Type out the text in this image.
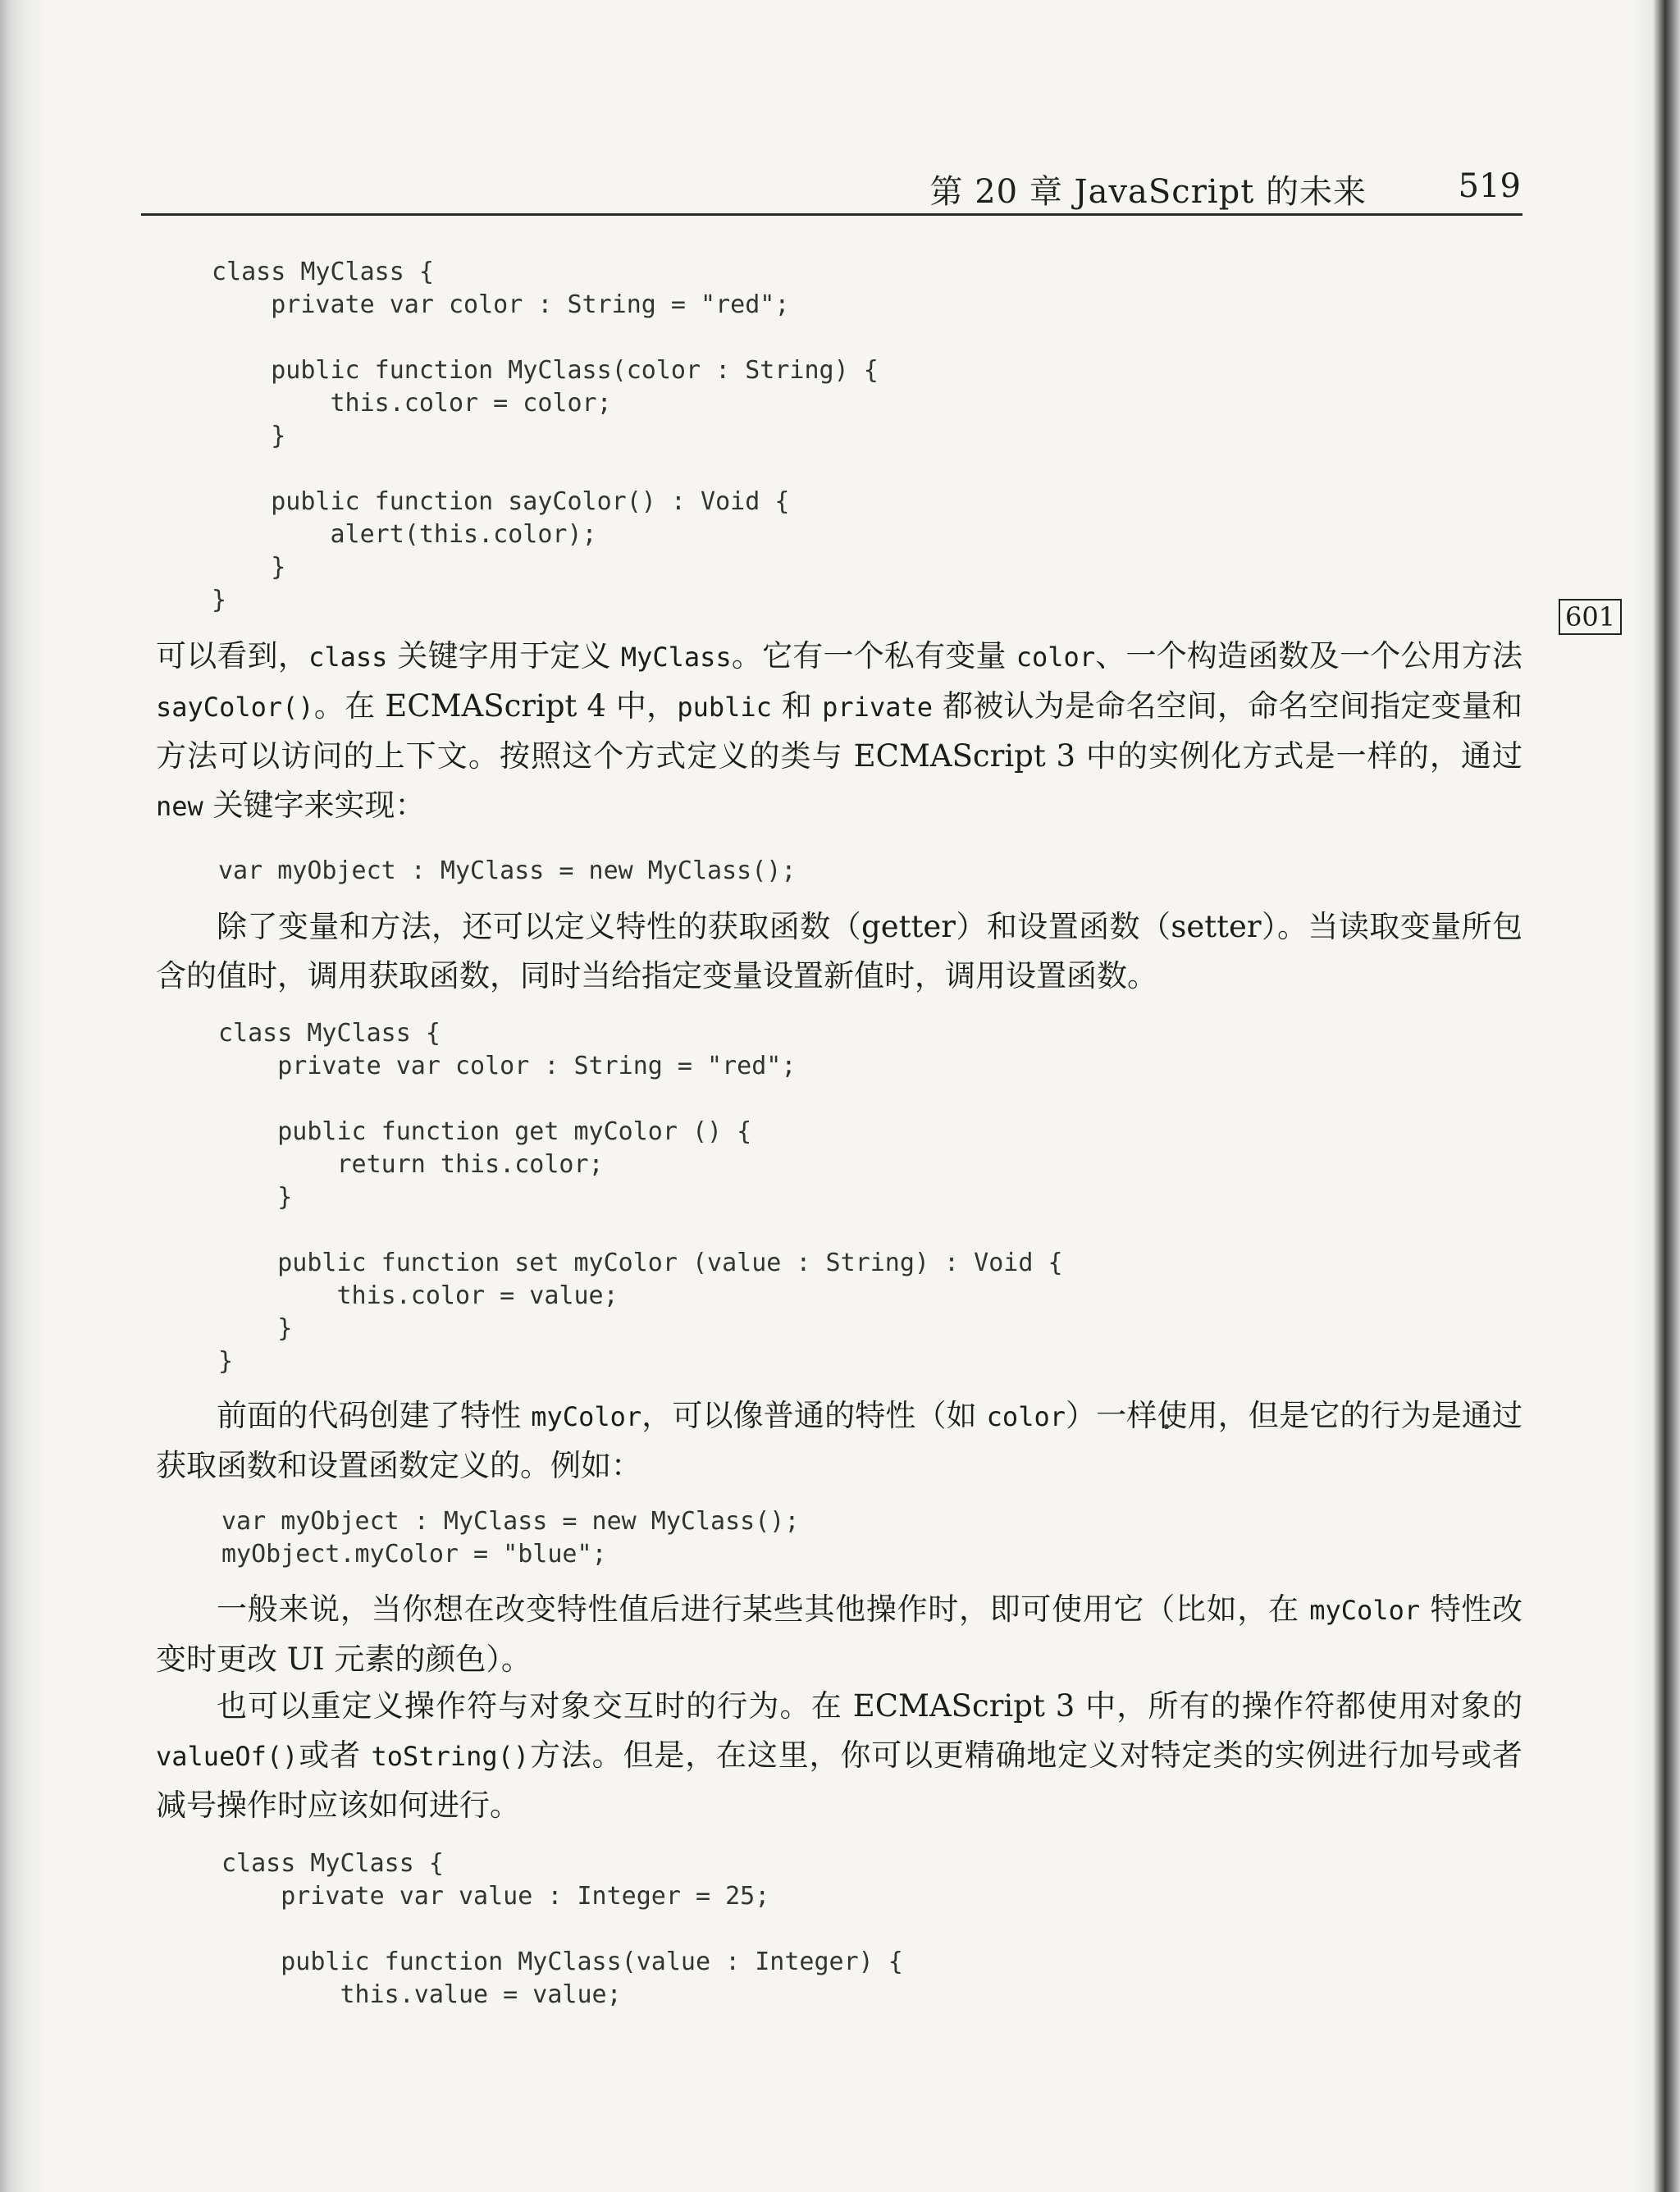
第 20 章 JavaScript 的未来	519
601
class MyClass {
private var color : String = "red";

public function MyClass(color : String) {
this.color = color;
}

public function sayColor() : Void {
alert(this.color);
}
}

可以看到，class 关键字用于定义 MyClass。它有一个私有变量 color、一个构造函数及一个公用方法 sayColor()。在 ECMAScript 4 中，public 和 private 都被认为是命名空间，命名空间指定变量和方法可以访问的上下文。按照这个方式定义的类与 ECMAScript 3 中的实例化方式是一样的，通过 new 关键字来实现：

var myObject : MyClass = new MyClass();

除了变量和方法，还可以定义特性的获取函数（getter）和设置函数（setter）。当读取变量所包含的值时，调用获取函数，同时当给指定变量设置新值时，调用设置函数。

class MyClass {
private var color : String = "red";

public function get myColor () {
return this.color;
}

public function set myColor (value : String) : Void {
this.color = value;
}
}

前面的代码创建了特性 myColor，可以像普通的特性（如 color）一样使用，但是它的行为是通过获取函数和设置函数定义的。例如：

var myObject : MyClass = new MyClass();
myObject.myColor = "blue";

一般来说，当你想在改变特性值后进行某些其他操作时，即可使用它（比如，在 myColor 特性改变时更改 UI 元素的颜色）。

也可以重定义操作符与对象交互时的行为。在 ECMAScript 3 中，所有的操作符都使用对象的 valueOf()或者 toString()方法。但是，在这里，你可以更精确地定义对特定类的实例进行加号或者减号操作时应该如何进行。

class MyClass {
private var value : Integer = 25;

public function MyClass(value : Integer) {
this.value = value;
